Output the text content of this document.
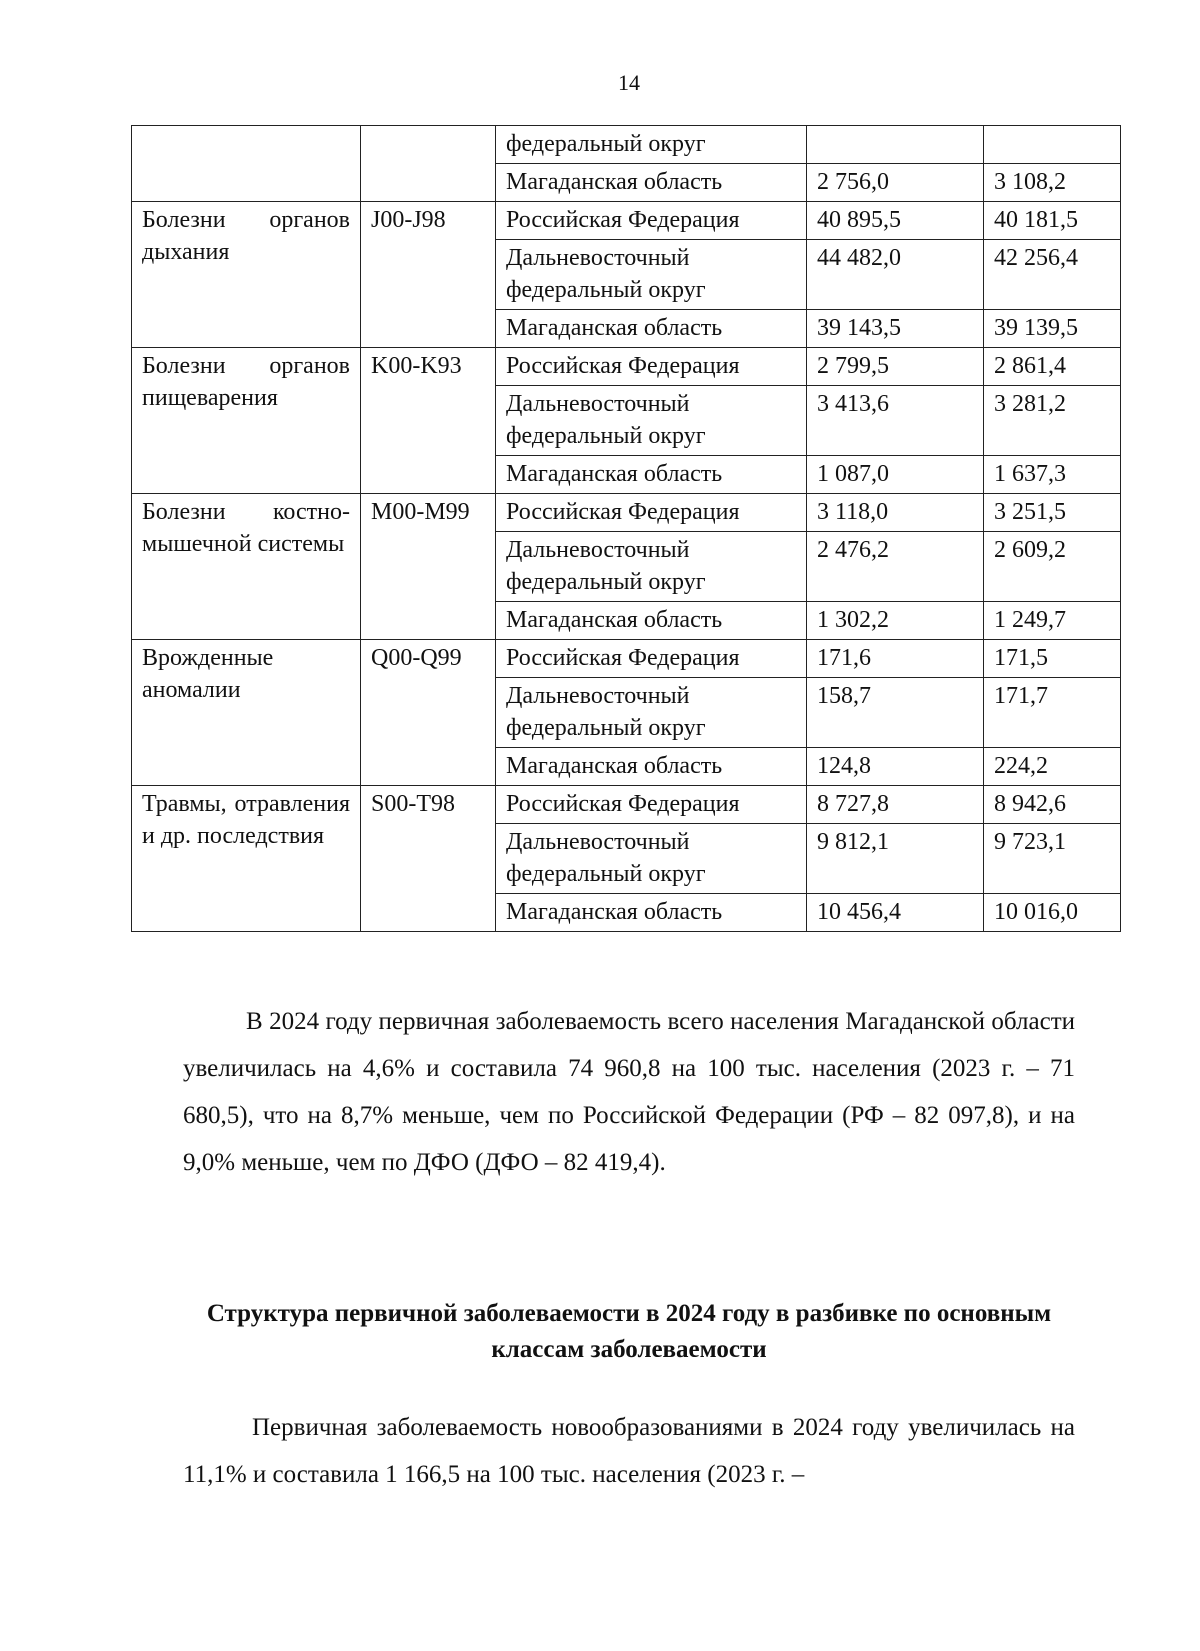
14
		федеральный округ		
		Магаданская область	2 756,0	3 108,2
Болезни органов дыхания	J00-J98	Российская Федерация	40 895,5	40 181,5
		Дальневосточный федеральный округ	44 482,0	42 256,4
		Магаданская область	39 143,5	39 139,5
Болезни органов пищеварения	K00-K93	Российская Федерация	2 799,5	2 861,4
		Дальневосточный федеральный округ	3 413,6	3 281,2
		Магаданская область	1 087,0	1 637,3
Болезни костно-мышечной системы	M00-M99	Российская Федерация	3 118,0	3 251,5
		Дальневосточный федеральный округ	2 476,2	2 609,2
		Магаданская область	1 302,2	1 249,7
Врожденные аномалии	Q00-Q99	Российская Федерация	171,6	171,5
		Дальневосточный федеральный округ	158,7	171,7
		Магаданская область	124,8	224,2
Травмы, отравления и др. последствия	S00-T98	Российская Федерация	8 727,8	8 942,6
		Дальневосточный федеральный округ	9 812,1	9 723,1
		Магаданская область	10 456,4	10 016,0
В 2024 году первичная заболеваемость всего населения Магаданской области увеличилась на 4,6% и составила 74 960,8 на 100 тыс. населения (2023 г. – 71 680,5), что на 8,7% меньше, чем по Российской Федерации (РФ – 82 097,8), и на 9,0% меньше, чем по ДФО (ДФО – 82 419,4).
Структура первичной заболеваемости в 2024 году в разбивке по основным классам заболеваемости
Первичная заболеваемость новообразованиями в 2024 году увеличилась на 11,1% и составила 1 166,5 на 100 тыс. населения (2023 г. –
